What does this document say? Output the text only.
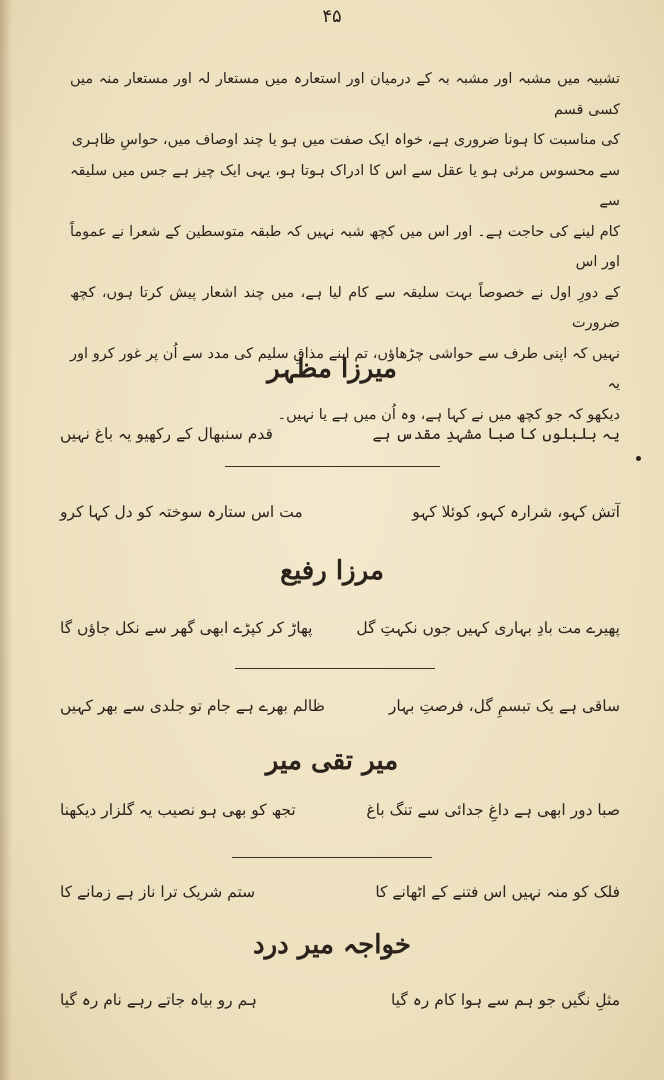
۴۵

تشبیہ میں مشبہ اور مشبہ بہ کے درمیان اور استعارہ میں مستعار لہ اور مستعار منہ میں کسی قسم

کی مناسبت کا ہونا ضروری ہے، خواہ ایک صفت میں ہو یا چند اوصاف میں، حواسِ ظاہری

سے محسوس مرئی ہو یا عقل سے اس کا ادراک ہوتا ہو، یہی ایک چیز ہے جس میں سلیقہ سے

کام لینے کی حاجت ہے۔ اور اس میں کچھ شبہ نہیں کہ طبقہ متوسطین کے شعرا نے عموماً اور اس

کے دورِ اول نے خصوصاً بہت سلیقہ سے کام لیا ہے، میں چند اشعار پیش کرتا ہوں، کچھ ضرورت

نہیں کہ اپنی طرف سے حواشی چڑھاؤں، تم اپنے مذاقِ سلیم کی مدد سے اُن پر غور کرو اور یہ

دیکھو کہ جو کچھ میں نے کہا ہے، وہ اُن میں ہے یا نہیں۔

میرزا مظہر
یہ بلبلوں کا صبا مشہدِ مقدس ہے
قدم سنبھال کے رکھیو یہ باغ نہیں
آتش کہو، شرارہ کہو، کوئلا کہو
مت اس ستارہ سوختہ کو دل کہا کرو
مرزا رفیع
پھیرے مت بادِ بہاری کہیں جوں نکہتِ گل
پھاڑ کر کپڑے ابھی گھر سے نکل جاؤں گا
ساقی ہے یک تبسمِ گل، فرصتِ بہار
ظالم بھرے ہے جام تو جلدی سے بھر کہیں
میر تقی میر
صبا دور ابھی ہے داغِ جدائی سے تنگ باغ
تجھ کو بھی ہو نصیب یہ گلزار دیکھنا
فلک کو منہ نہیں اس فتنے کے اٹھانے کا
ستم شریک ترا ناز ہے زمانے کا
خواجہ میر درد
مثلِ نگیں جو ہم سے ہوا کام رہ گیا
ہم رو بیاہ جاتے رہے نام رہ گیا
